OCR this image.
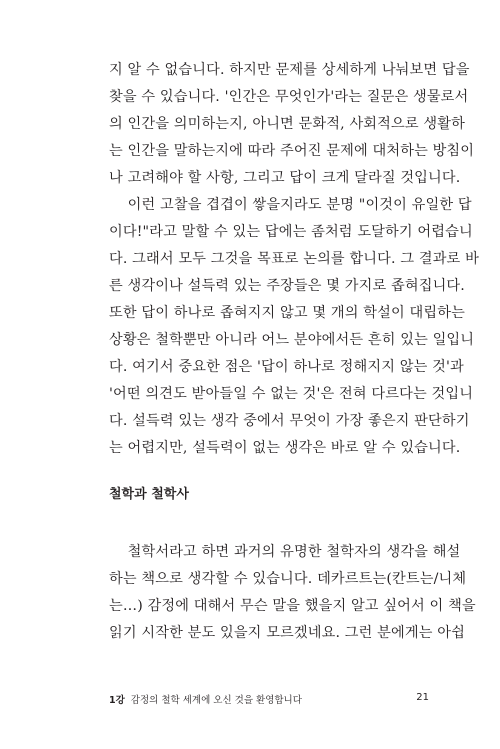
지 알 수 없습니다. 하지만 문제를 상세하게 나눠보면 답을
찾을 수 있습니다. '인간은 무엇인가'라는 질문은 생물로서
의 인간을 의미하는지, 아니면 문화적, 사회적으로 생활하
는 인간을 말하는지에 따라 주어진 문제에 대처하는 방침이
나 고려해야 할 사항, 그리고 답이 크게 달라질 것입니다.
이런 고찰을 겹겹이 쌓을지라도 분명 "이것이 유일한 답
이다!"라고 말할 수 있는 답에는 좀처럼 도달하기 어렵습니
다. 그래서 모두 그것을 목표로 논의를 합니다. 그 결과로 바
른 생각이나 설득력 있는 주장들은 몇 가지로 좁혀집니다.
또한 답이 하나로 좁혀지지 않고 몇 개의 학설이 대립하는
상황은 철학뿐만 아니라 어느 분야에서든 흔히 있는 일입니
다. 여기서 중요한 점은 '답이 하나로 정해지지 않는 것'과
'어떤 의견도 받아들일 수 없는 것'은 전혀 다르다는 것입니
다. 설득력 있는 생각 중에서 무엇이 가장 좋은지 판단하기
는 어렵지만, 설득력이 없는 생각은 바로 알 수 있습니다.
철학과 철학사
철학서라고 하면 과거의 유명한 철학자의 생각을 해설
하는 책으로 생각할 수 있습니다. 데카르트는(칸트는/니체
는…) 감정에 대해서 무슨 말을 했을지 알고 싶어서 이 책을
읽기 시작한 분도 있을지 모르겠네요. 그런 분에게는 아쉽
1강 감정의 철학 세계에 오신 것을 환영합니다	21
